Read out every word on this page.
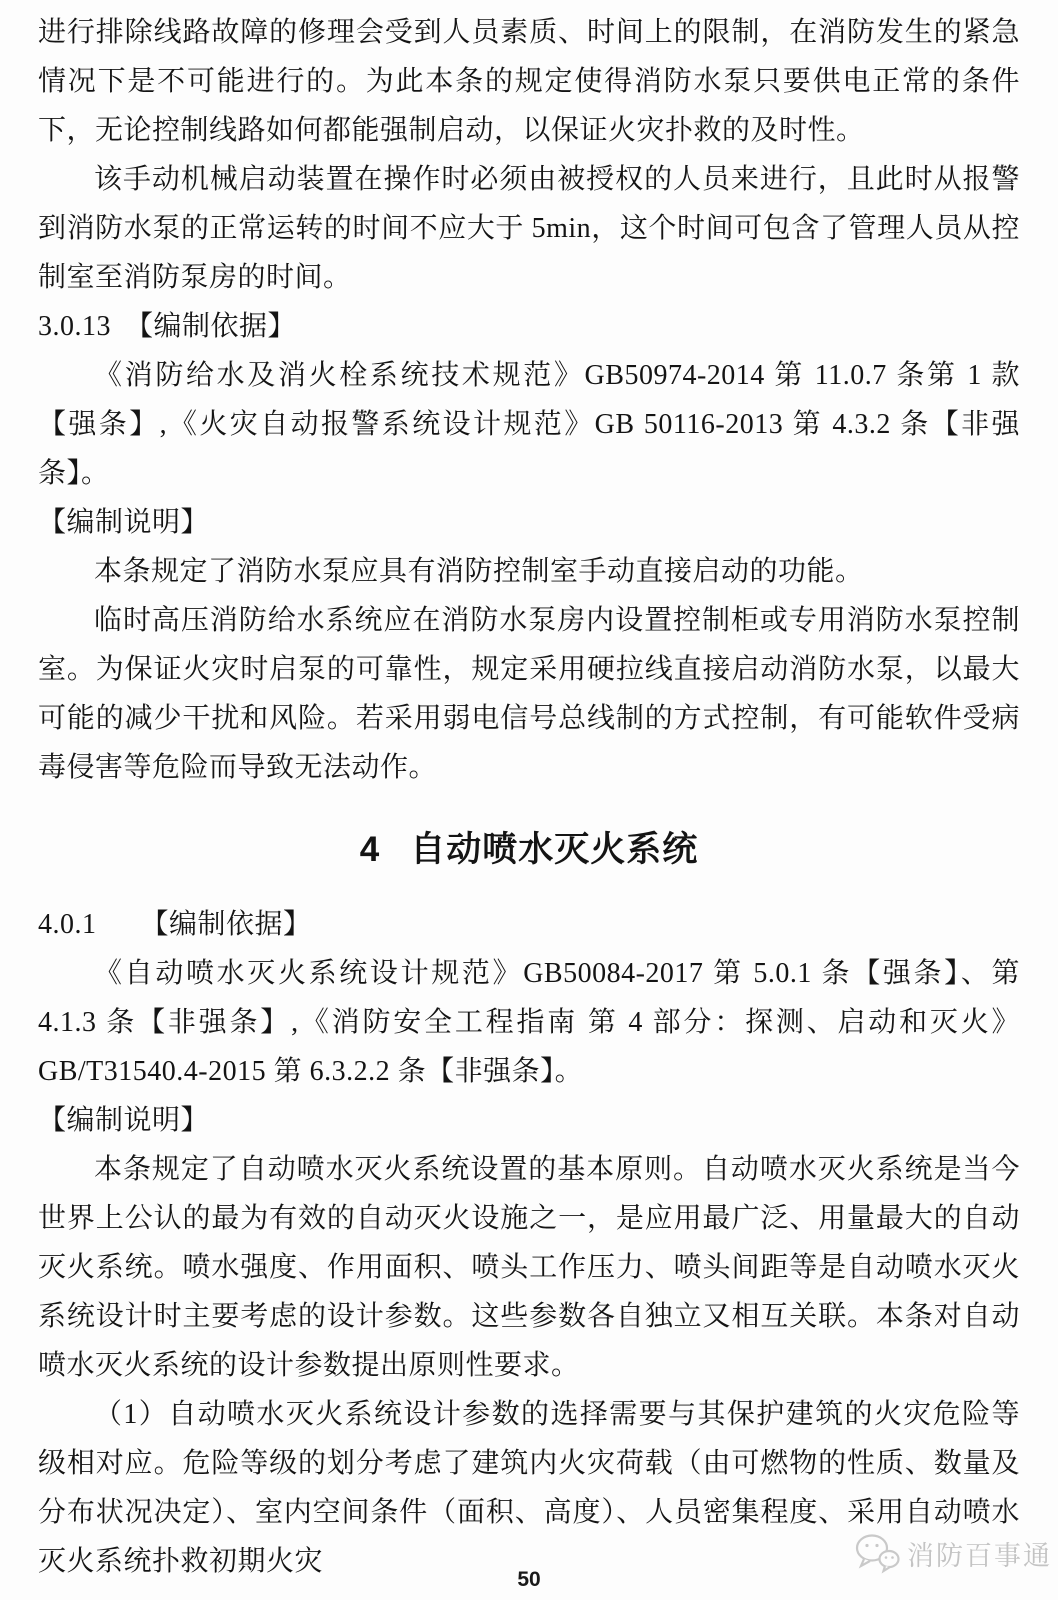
进行排除线路故障的修理会受到人员素质、时间上的限制，在消防发生的紧急情况下是不可能进行的。为此本条的规定使得消防水泵只要供电正常的条件下，无论控制线路如何都能强制启动，以保证火灾扑救的及时性。

该手动机械启动装置在操作时必须由被授权的人员来进行，且此时从报警到消防水泵的正常运转的时间不应大于 5min，这个时间可包含了管理人员从控制室至消防泵房的时间。

3.0.13 【编制依据】

《消防给水及消火栓系统技术规范》GB50974-2014 第 11.0.7 条第 1 款【强条】,《火灾自动报警系统设计规范》GB 50116-2013 第 4.3.2 条【非强条】。

【编制说明】

本条规定了消防水泵应具有消防控制室手动直接启动的功能。

临时高压消防给水系统应在消防水泵房内设置控制柜或专用消防水泵控制室。为保证火灾时启泵的可靠性，规定采用硬拉线直接启动消防水泵，以最大可能的减少干扰和风险。若采用弱电信号总线制的方式控制，有可能软件受病毒侵害等危险而导致无法动作。

4 自动喷水灭火系统

4.0.1 【编制依据】

《自动喷水灭火系统设计规范》GB50084-2017 第 5.0.1 条【强条】、第 4.1.3 条【非强条】,《消防安全工程指南 第 4 部分：探测、启动和灭火》GB/T31540.4-2015 第 6.3.2.2 条【非强条】。

【编制说明】

本条规定了自动喷水灭火系统设置的基本原则。自动喷水灭火系统是当今世界上公认的最为有效的自动灭火设施之一，是应用最广泛、用量最大的自动灭火系统。喷水强度、作用面积、喷头工作压力、喷头间距等是自动喷水灭火系统设计时主要考虑的设计参数。这些参数各自独立又相互关联。本条对自动喷水灭火系统的设计参数提出原则性要求。

（1）自动喷水灭火系统设计参数的选择需要与其保护建筑的火灾危险等级相对应。危险等级的划分考虑了建筑内火灾荷载（由可燃物的性质、数量及分布状况决定）、室内空间条件（面积、高度）、人员密集程度、采用自动喷水灭火系统扑救初期火灾	消防百事通
50
